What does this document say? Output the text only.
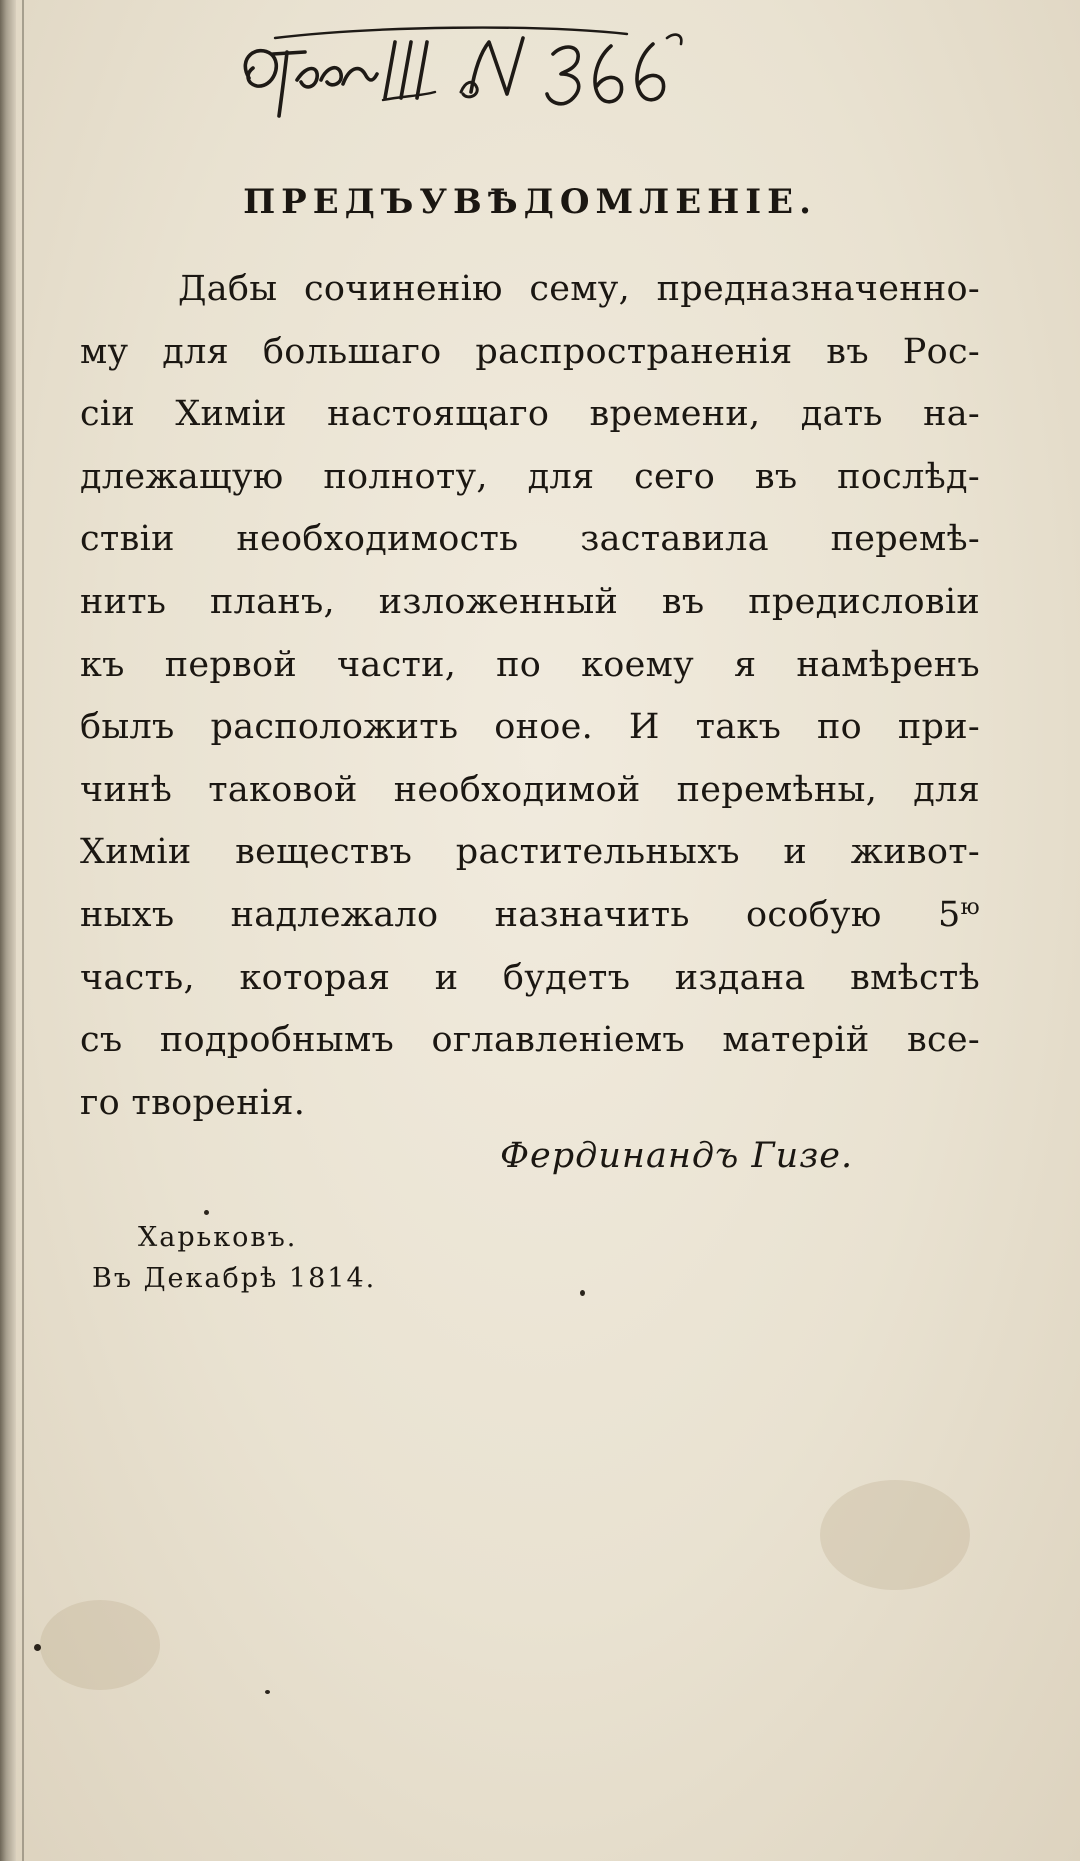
ПРЕДЪУВѢДОМЛЕНІЕ.
Дабы сочиненію сему, предназначенно-
му для большаго распространенія въ Рос-
сіи Химіи настоящаго времени, дать на-
длежащую полноту, для сего въ послѣд-
ствіи необходимость заставила перемѣ-
нить планъ, изложенный въ предисловіи
къ первой части, по коему я намѣренъ
былъ расположить оное. И такъ по при-
чинѣ таковой необходимой перемѣны, для
Химіи веществъ растительныхъ и живот-
ныхъ надлежало назначить особую $5^ю$
часть, которая и будетъ издана вмѣстѣ
съ подробнымъ оглавленіемъ матерій все-
го творенія.
Фердинандъ Гизе.
Харьковъ.
Въ Декабрѣ 1814.
